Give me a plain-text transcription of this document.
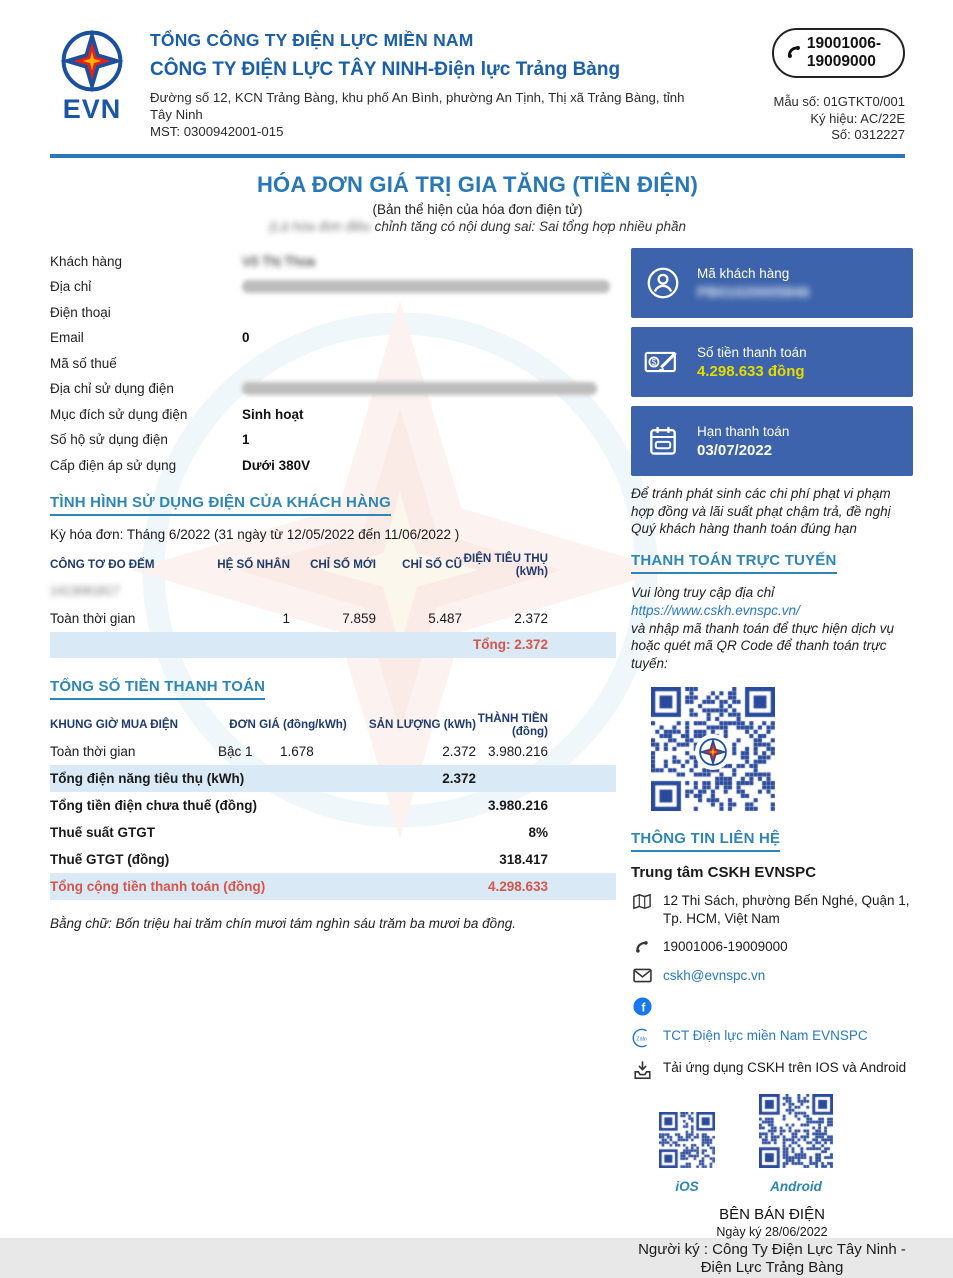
EVN
TỔNG CÔNG TY ĐIỆN LỰC MIỀN NAM
CÔNG TY ĐIỆN LỰC TÂY NINH-Điện lực Trảng Bàng
Đường số 12, KCN Trảng Bàng, khu phố An Bình, phường An Tịnh, Thị xã Trảng Bàng, tỉnh Tây Ninh
MST: 0300942001-015
19001006-
19009000
Mẫu số: 01GTKT0/001
Ký hiệu: AC/22E
Số: 0312227
HÓA ĐƠN GIÁ TRỊ GIA TĂNG (TIỀN ĐIỆN)
(Bản thể hiện của hóa đơn điện tử)
(Là hóa đơn điều chỉnh tăng có nội dung sai: Sai tổng hợp nhiều phần
Khách hàng	Võ Thị Thoa
Địa chỉ
Điện thoại
Email	0
Mã số thuế
Địa chỉ sử dụng điện
Mục đích sử dụng điện	Sinh hoạt
Số hộ sử dụng điện	1
Cấp điện áp sử dụng	Dưới 380V
TÌNH HÌNH SỬ DỤNG ĐIỆN CỦA KHÁCH HÀNG
Kỳ hóa đơn: Tháng 6/2022 (31 ngày từ 12/05/2022 đến 11/06/2022 )
CÔNG TƠ ĐO ĐẾM	HỆ SỐ NHÂN	CHỈ SỐ MỚI	CHỈ SỐ CŨ ĐIỆN TIÊU THỤ (kWh)
1413081817
Toàn thời gian	1	7.859	5.487	2.372
Tổng: 2.372
TỔNG SỐ TIỀN THANH TOÁN
KHUNG GIỜ MUA ĐIỆN	ĐƠN GIÁ (đồng/kWh)	SẢN LƯỢNG (kWh) THÀNH TIỀN (đồng)
Toàn thời gian	Bậc 1	1.678	2.372 3.980.216
Tổng điện năng tiêu thụ (kWh)	2.372
Tổng tiền điện chưa thuế (đồng)	3.980.216
Thuế suất GTGT	8%
Thuế GTGT (đồng)	318.417
Tổng cộng tiền thanh toán (đồng)	4.298.633
Bằng chữ: Bốn triệu hai trăm chín mươi tám nghìn sáu trăm ba mươi ba đồng.
Mã khách hàng
PB01020005846
$
Số tiền thanh toán
4.298.633 đồng
Hạn thanh toán
03/07/2022
Để tránh phát sinh các chi phí phạt vi phạm hợp đồng và lãi suất phạt chậm trả, đề nghị Quý khách hàng thanh toán đúng hạn
THANH TOÁN TRỰC TUYẾN
Vui lòng truy cập địa chỉ
https://www.cskh.evnspc.vn/
và nhập mã thanh toán để thực hiện dịch vụ hoặc quét mã QR Code để thanh toán trực tuyến:
THÔNG TIN LIÊN HỆ
Trung tâm CSKH EVNSPC
12 Thi Sách, phường Bến Nghé, Quận 1, Tp. HCM, Việt Nam
19001006-19009000
cskh@evnspc.vn
f
Zalo TCT Điện lực miền Nam EVNSPC
Tải ứng dụng CSKH trên IOS và Android
iOS	Android
BÊN BÁN ĐIỆN
Ngày ký 28/06/2022
Người ký : Công Ty Điện Lực Tây Ninh - Điện Lực Trảng Bàng
